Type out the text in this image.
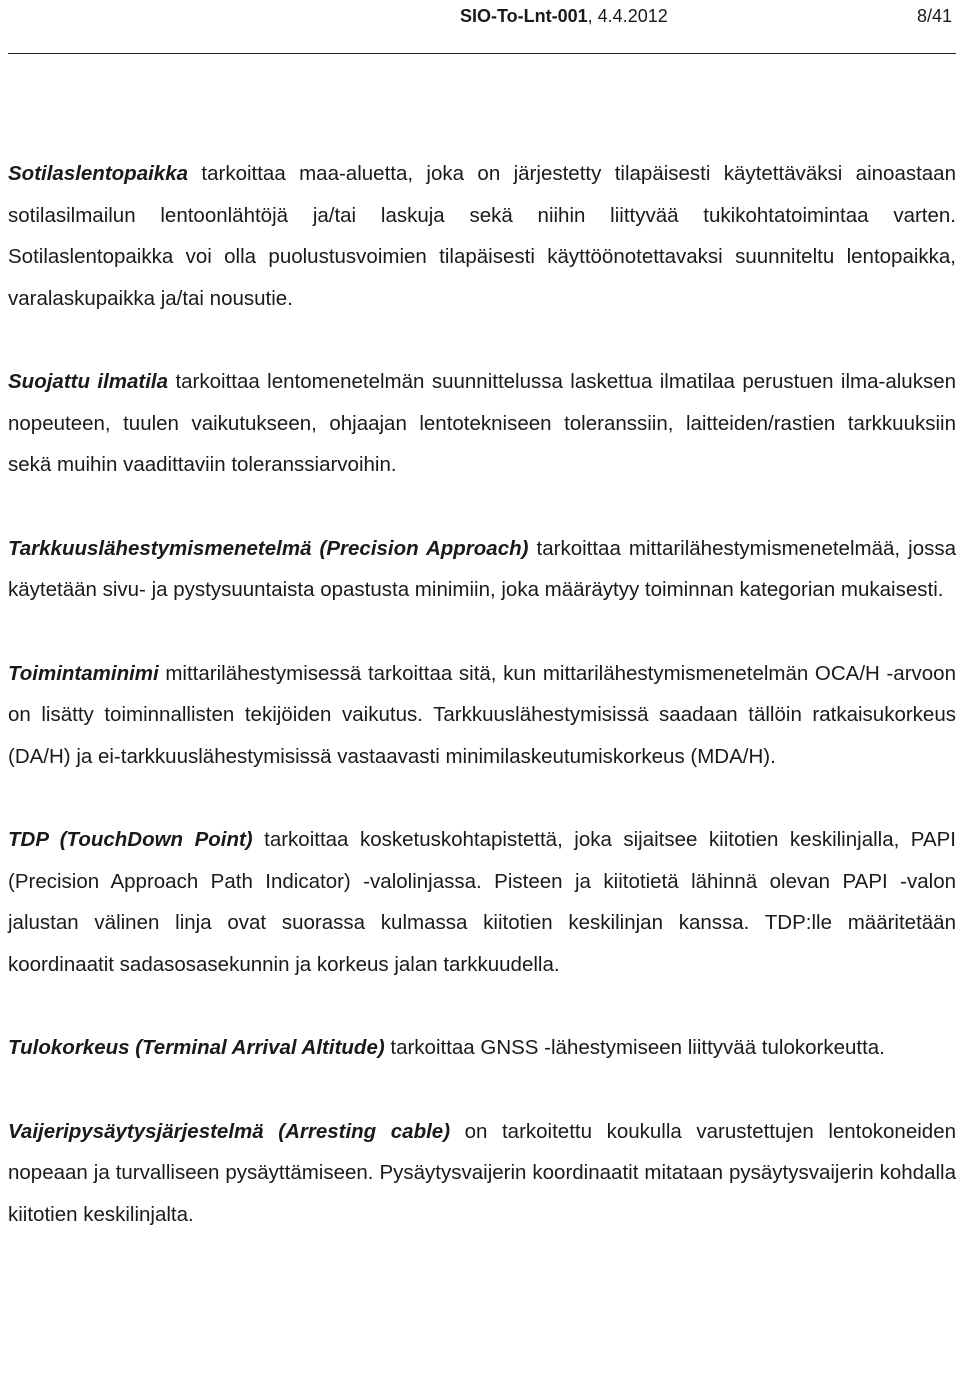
SIO-To-Lnt-001, 4.4.2012	8/41

Sotilaslentopaikka tarkoittaa maa-aluetta, joka on järjestetty tilapäisesti käytettäväksi ainoastaan sotilasilmailun lentoonlähtöjä ja/tai laskuja sekä niihin liittyvää tukikohtatoimintaa varten. Sotilaslentopaikka voi olla puolustusvoimien tilapäisesti käyttöönotettavaksi suunniteltu lentopaikka, varalaskupaikka ja/tai nousutie.

Suojattu ilmatila tarkoittaa lentomenetelmän suunnittelussa laskettua ilmatilaa perustuen ilma-aluksen nopeuteen, tuulen vaikutukseen, ohjaajan lentotekniseen toleranssiin, laitteiden/rastien tarkkuuksiin sekä muihin vaadittaviin toleranssiarvoihin.

Tarkkuuslähestymismenetelmä (Precision Approach) tarkoittaa mittarilähestymismenetelmää, jossa käytetään sivu- ja pystysuuntaista opastusta minimiin, joka määräytyy toiminnan kategorian mukaisesti.

Toimintaminimi mittarilähestymisessä tarkoittaa sitä, kun mittarilähestymismenetelmän OCA/H -arvoon on lisätty toiminnallisten tekijöiden vaikutus. Tarkkuuslähestymisissä saadaan tällöin ratkaisukorkeus (DA/H) ja ei-tarkkuuslähestymisissä vastaavasti minimilaskeutumiskorkeus (MDA/H).

TDP (TouchDown Point) tarkoittaa kosketuskohtapistettä, joka sijaitsee kiitotien keskilinjalla, PAPI (Precision Approach Path Indicator) -valolinjassa. Pisteen ja kiitotietä lähinnä olevan PAPI -valon jalustan välinen linja ovat suorassa kulmassa kiitotien keskilinjan kanssa. TDP:lle määritetään koordinaatit sadasosasekunnin ja korkeus jalan tarkkuudella.

Tulokorkeus (Terminal Arrival Altitude) tarkoittaa GNSS -lähestymiseen liittyvää tulokorkeutta.

Vaijeripysäytysjärjestelmä (Arresting cable) on tarkoitettu koukulla varustettujen lentokoneiden nopeaan ja turvalliseen pysäyttämiseen. Pysäytysvaijerin koordinaatit mitataan pysäytysvaijerin kohdalla kiitotien keskilinjalta.
